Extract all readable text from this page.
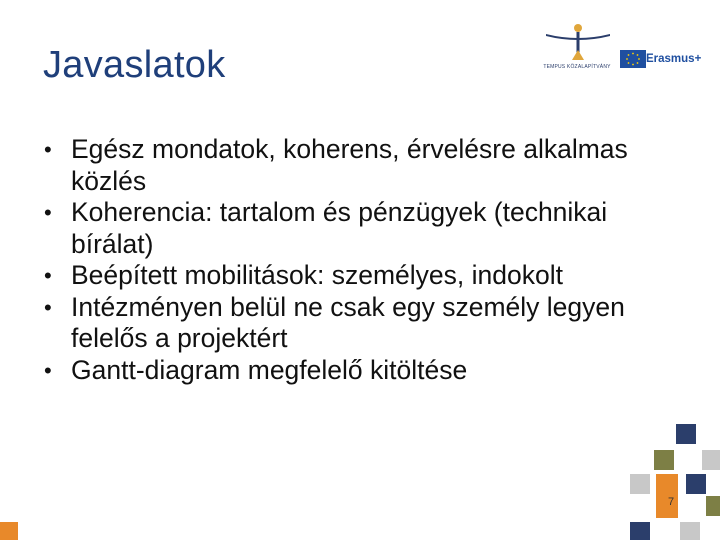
Javaslatok	TEMPUS KÖZALAPÍTVÁNY
Erasmus+
• Egész mondatok, koherens, érvelésre alkalmas közlés
• Koherencia: tartalom és pénzügyek (technikai bírálat)
• Beépített mobilitások: személyes, indokolt
• Intézményen belül ne csak egy személy legyen felelős a projektért
• Gantt-diagram megfelelő kitöltése
7
